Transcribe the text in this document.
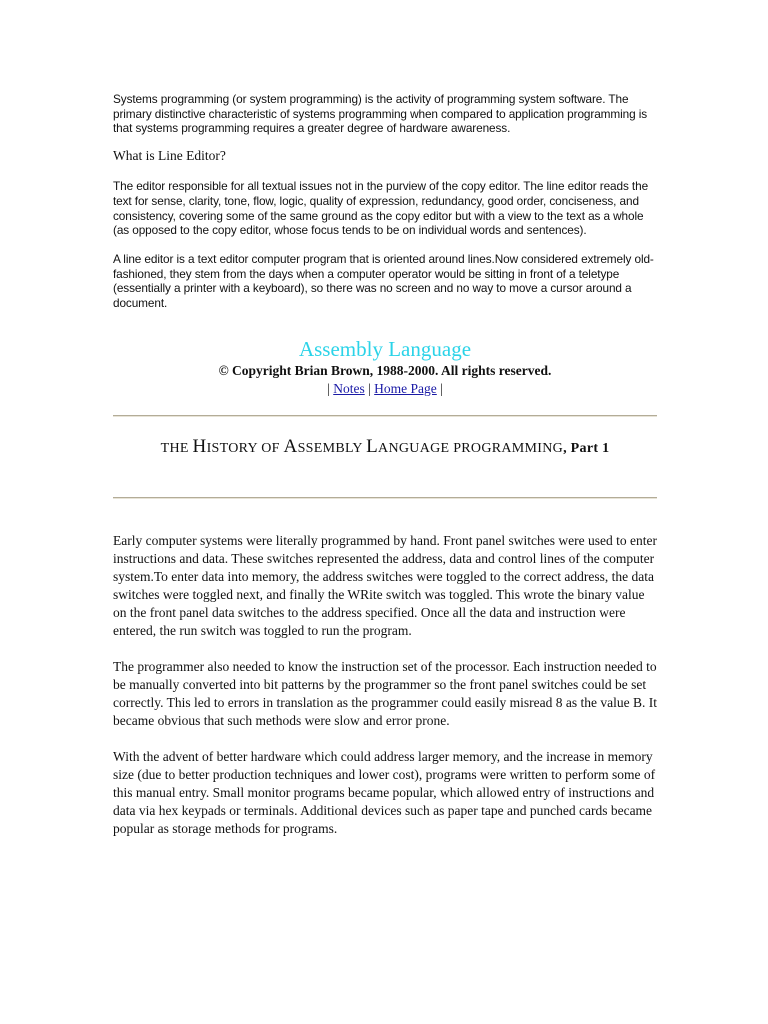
Systems programming (or system programming) is the activity of programming system software. The primary distinctive characteristic of systems programming when compared to application programming is that systems programming requires a greater degree of hardware awareness.

What is Line Editor?

The editor responsible for all textual issues not in the purview of the copy editor. The line editor reads the text for sense, clarity, tone, flow, logic, quality of expression, redundancy, good order, conciseness, and consistency, covering some of the same ground as the copy editor but with a view to the text as a whole (as opposed to the copy editor, whose focus tends to be on individual words and sentences).

A line editor is a text editor computer program that is oriented around lines.Now considered extremely old-fashioned, they stem from the days when a computer operator would be sitting in front of a teletype (essentially a printer with a keyboard), so there was no screen and no way to move a cursor around a document.

Assembly Language

© Copyright Brian Brown, 1988-2000. All rights reserved.

| Notes | Home Page |

THE HISTORY OF ASSEMBLY LANGUAGE PROGRAMMING, Part 1

Early computer systems were literally programmed by hand. Front panel switches were used to enter instructions and data. These switches represented the address, data and control lines of the computer system.To enter data into memory, the address switches were toggled to the correct address, the data switches were toggled next, and finally the WRite switch was toggled. This wrote the binary value on the front panel data switches to the address specified. Once all the data and instruction were entered, the run switch was toggled to run the program.

The programmer also needed to know the instruction set of the processor. Each instruction needed to be manually converted into bit patterns by the programmer so the front panel switches could be set correctly. This led to errors in translation as the programmer could easily misread 8 as the value B. It became obvious that such methods were slow and error prone.

With the advent of better hardware which could address larger memory, and the increase in memory size (due to better production techniques and lower cost), programs were written to perform some of this manual entry. Small monitor programs became popular, which allowed entry of instructions and data via hex keypads or terminals. Additional devices such as paper tape and punched cards became popular as storage methods for programs.
